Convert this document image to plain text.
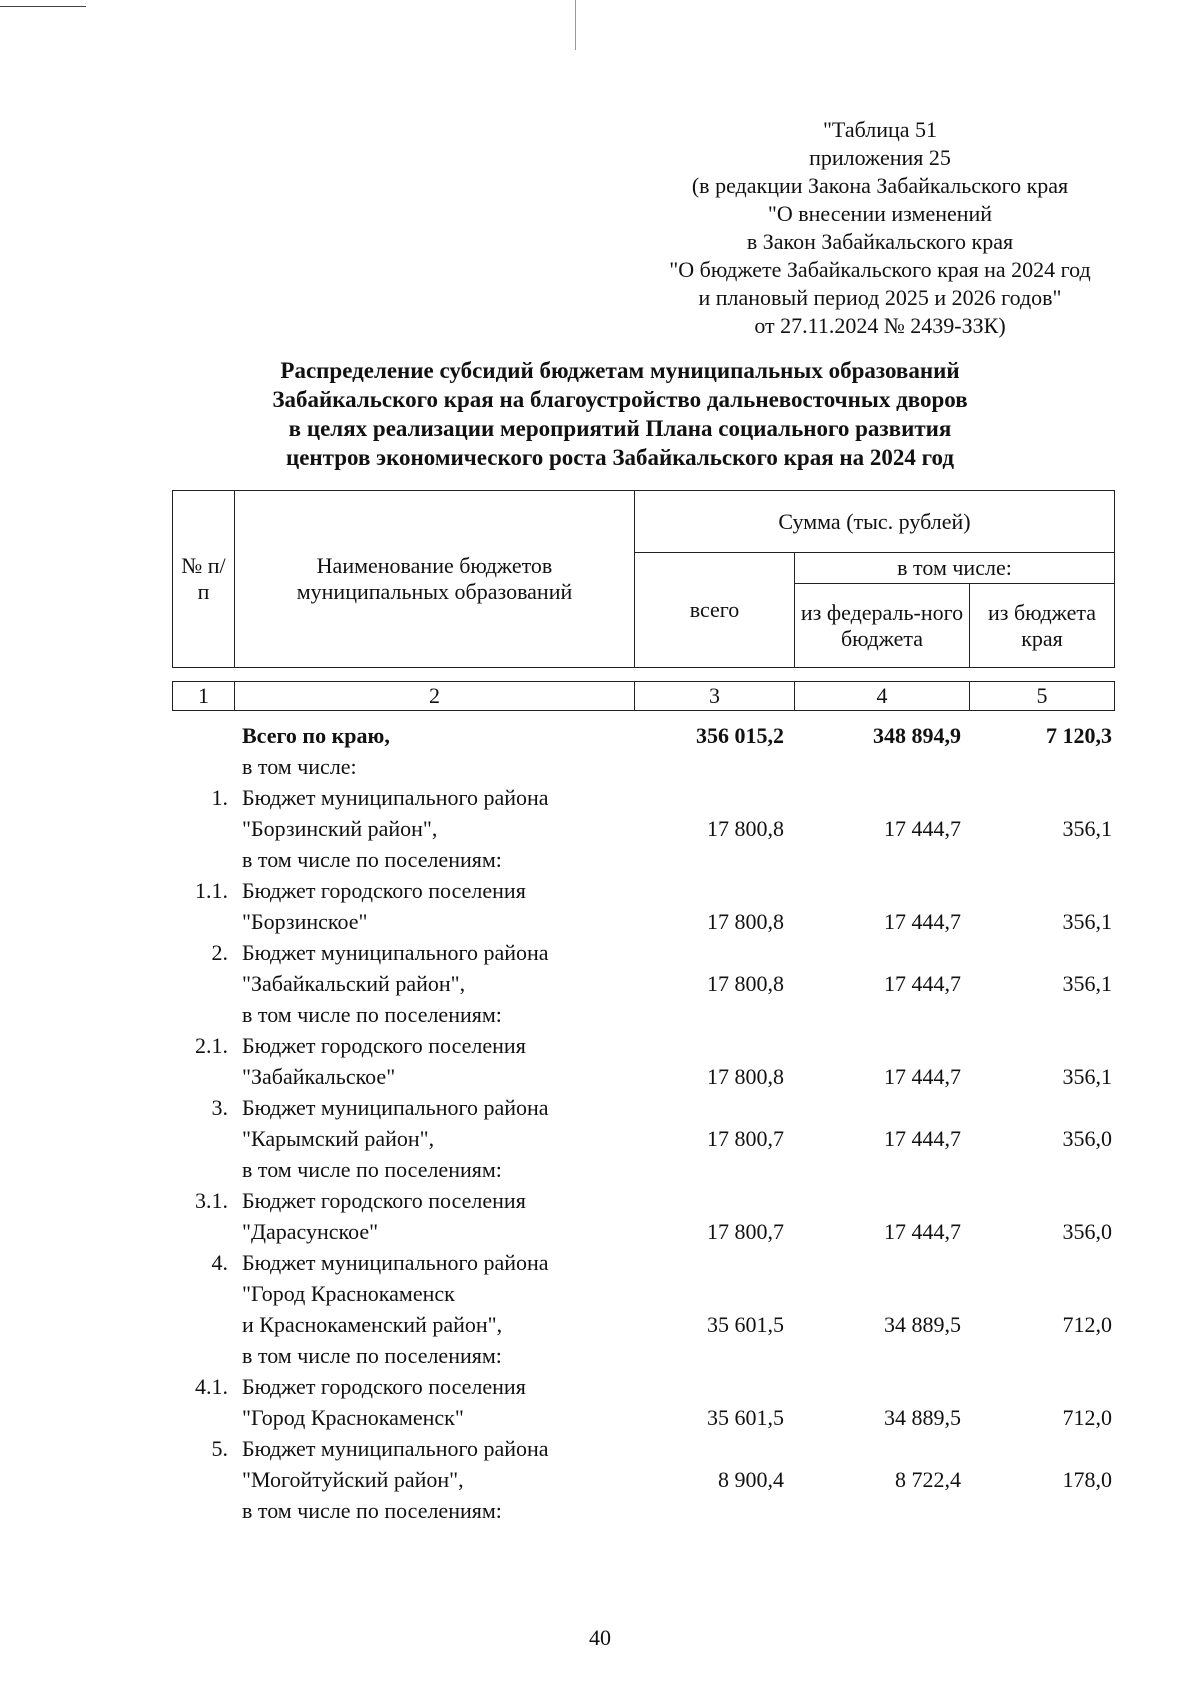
"Таблица 51
приложения 25
(в редакции Закона Забайкальского края
"О внесении изменений
в Закон Забайкальского края
"О бюджете Забайкальского края на 2024 год
и плановый период 2025 и 2026 годов"
от 27.11.2024 № 2439-ЗЗК)
Распределение субсидий бюджетам муниципальных образований
Забайкальского края на благоустройство дальневосточных дворов
в целях реализации мероприятий Плана социального развития
центров экономического роста Забайкальского края на 2024 год
№ п/п	Наименование бюджетов муниципальных образований	Сумма (тыс. рублей)		
		всего	в том числе:	
			из федераль-ного бюджета	из бюджета края
1	2	3	4	5
Всего по краю,	356 015,2	348 894,9	7 120,3
в том числе:
1. Бюджет муниципального района
"Борзинский район",	17 800,8	17 444,7	356,1
в том числе по поселениям:
1.1. Бюджет городского поселения
"Борзинское"	17 800,8	17 444,7	356,1
2. Бюджет муниципального района
"Забайкальский район",	17 800,8	17 444,7	356,1
в том числе по поселениям:
2.1. Бюджет городского поселения
"Забайкальское"	17 800,8	17 444,7	356,1
3. Бюджет муниципального района
"Карымский район",	17 800,7	17 444,7	356,0
в том числе по поселениям:
3.1. Бюджет городского поселения
"Дарасунское"	17 800,7	17 444,7	356,0
4. Бюджет муниципального района
"Город Краснокаменск
и Краснокаменский район",	35 601,5	34 889,5	712,0
в том числе по поселениям:
4.1. Бюджет городского поселения
"Город Краснокаменск"	35 601,5	34 889,5	712,0
5. Бюджет муниципального района
"Могойтуйский район",	8 900,4	8 722,4	178,0
в том числе по поселениям:
40
